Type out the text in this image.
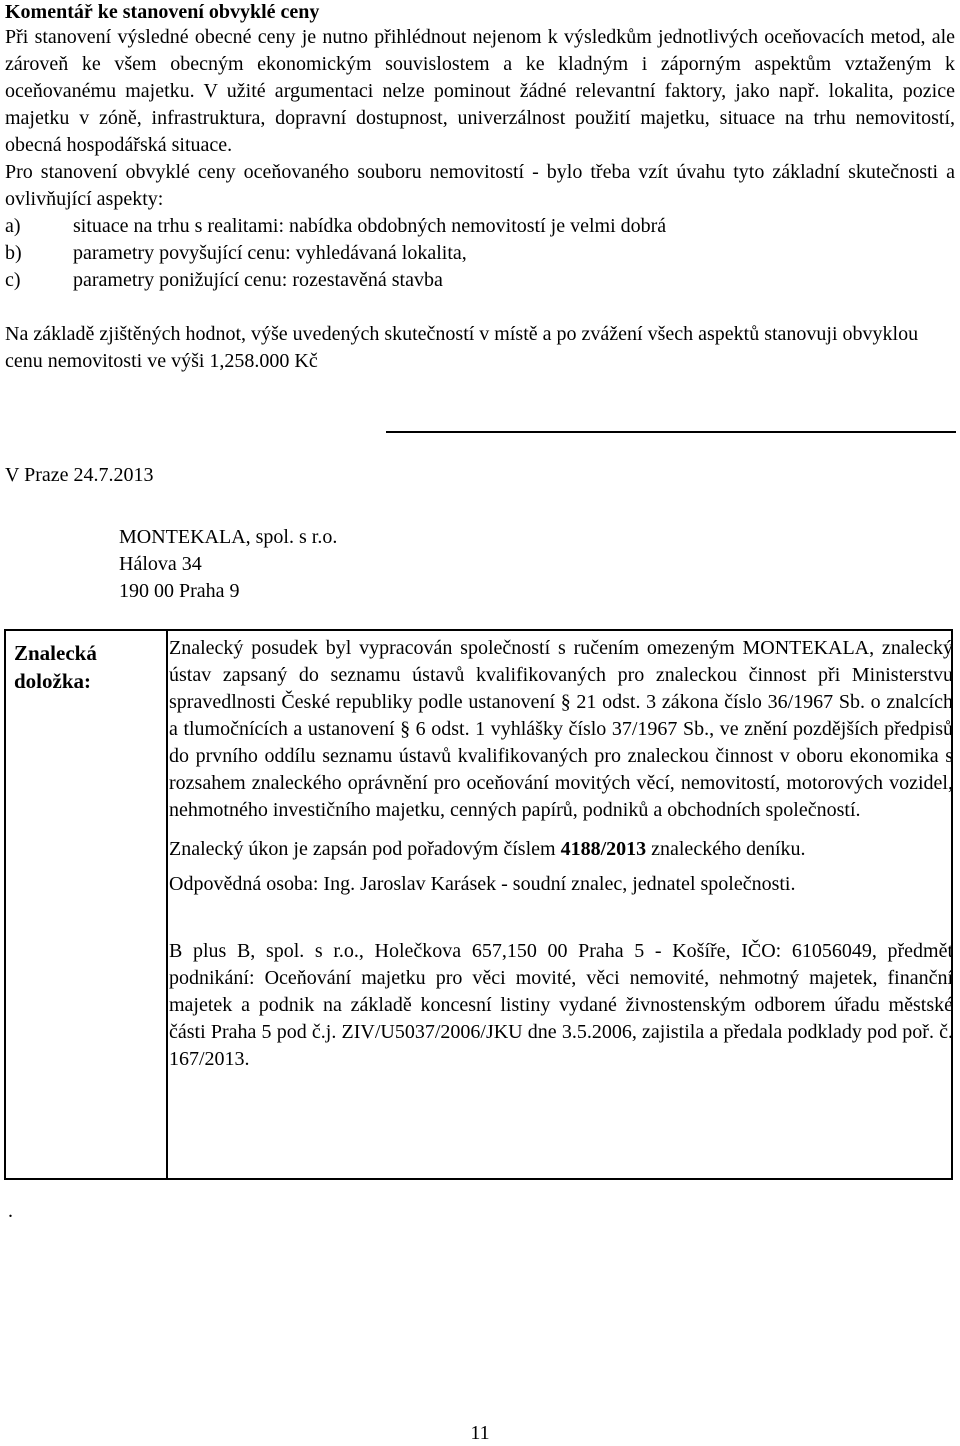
Komentář ke stanovení obvyklé ceny

Při stanovení výsledné obecné ceny je nutno přihlédnout nejenom k výsledkům jednotlivých oceňovacích metod, ale zároveň ke všem obecným ekonomickým souvislostem a ke kladným i záporným aspektům vztaženým k oceňovanému majetku. V užité argumentaci nelze pominout žádné relevantní faktory, jako např. lokalita, pozice majetku v zóně, infrastruktura, dopravní dostupnost, univerzálnost použití majetku, situace na trhu nemovitostí, obecná hospodářská situace.

Pro stanovení obvyklé ceny oceňovaného souboru nemovitostí - bylo třeba vzít úvahu tyto základní skutečnosti a ovlivňující aspekty:

a)	situace na trhu s realitami: nabídka obdobných nemovitostí je velmi dobrá
b)	parametry povyšující cenu: vyhledávaná lokalita,
c)	parametry ponižující cenu: rozestavěná stavba

Na základě zjištěných hodnot, výše uvedených skutečností v místě a po zvážení všech aspektů stanovuji obvyklou cenu nemovitosti ve výši 1,258.000 Kč

V Praze 24.7.2013
MONTEKALA, spol. s r.o.
Hálova 34
190 00 Praha 9
Znalecká
doložka:

Znalecký posudek byl vypracován společností s ručením omezeným MONTEKALA, znalecký ústav zapsaný do seznamu ústavů kvalifikovaných pro znaleckou činnost při Ministerstvu spravedlnosti České republiky podle ustanovení § 21 odst. 3 zákona číslo 36/1967 Sb. o znalcích a tlumočnících a ustanovení § 6 odst. 1 vyhlášky číslo 37/1967 Sb., ve znění pozdějších předpisů do prvního oddílu seznamu ústavů kvalifikovaných pro znaleckou činnost v oboru ekonomika s rozsahem znaleckého oprávnění pro oceňování movitých věcí, nemovitostí, motorových vozidel, nehmotného investičního majetku, cenných papírů, podniků a obchodních společností.

Znalecký úkon je zapsán pod pořadovým číslem 4188/2013 znaleckého deníku.

Odpovědná osoba: Ing. Jaroslav Karásek - soudní znalec, jednatel společnosti.

B plus B, spol. s r.o., Holečkova 657,150 00 Praha 5 - Košíře, IČO: 61056049, předmět podnikání: Oceňování majetku pro věci movité, věci nemovité, nehmotný majetek, finanční majetek a podnik na základě koncesní listiny vydané živnostenským odborem úřadu městské části Praha 5 pod č.j. ZIV/U5037/2006/JKU dne 3.5.2006, zajistila a předala podklady pod poř. č. 167/2013.

.
11
